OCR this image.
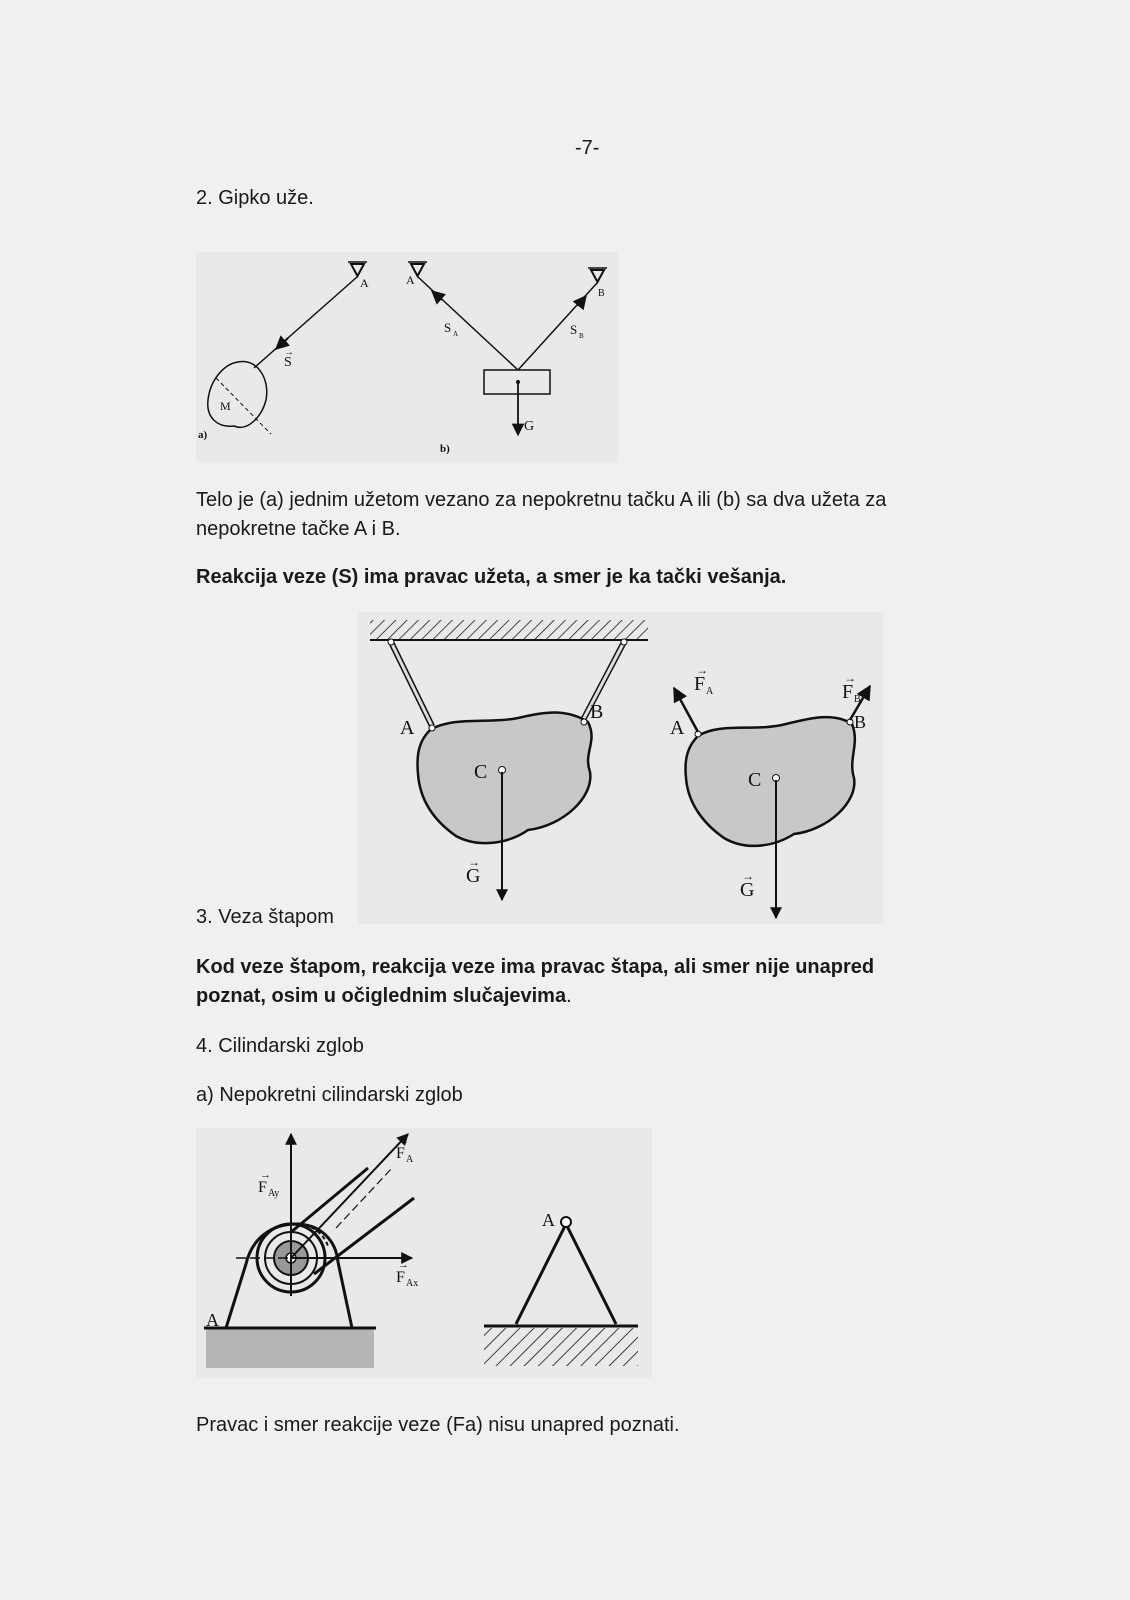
-7-
2. Gipko uže.
A
S
→
M
a)
A
B
S A	S B
G
b)
Telo je (a) jednim užetom vezano za nepokretnu tačku A ili (b) sa dva užeta za
nepokretne tačke A i B.
Reakcija veze (S) ima pravac užeta, a smer je ka tački vešanja.
A
B
C
G
→
A	B
F A
→
F B
→
C
G
→
3. Veza štapom
Kod veze štapom, reakcija veze ima pravac štapa, ali smer nije unapred
poznat, osim u očiglednim slučajevima.
4. Cilindarski zglob
a) Nepokretni cilindarski zglob
A
F Ay
→
F A
→
F Ax
→
A
Pravac i smer reakcije veze (Fa) nisu unapred poznati.
